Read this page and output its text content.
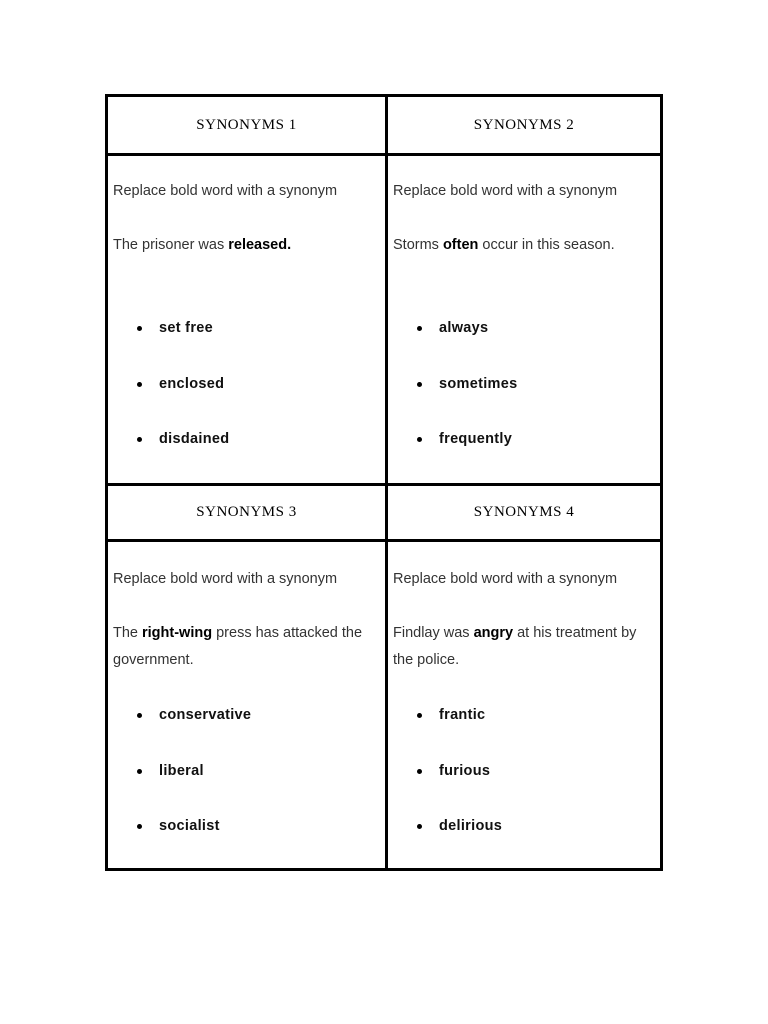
SYNONYMS 1
Replace bold word with a synonym
The prisoner was released.
set free
enclosed
disdained
SYNONYMS 2
Replace bold word with a synonym
Storms often occur in this season.
always
sometimes
frequently
SYNONYMS 3
Replace bold word with a synonym
The right-wing press has attacked the government.
conservative
liberal
socialist
SYNONYMS 4
Replace bold word with a synonym
Findlay was angry at his treatment by the police.
frantic
furious
delirious
